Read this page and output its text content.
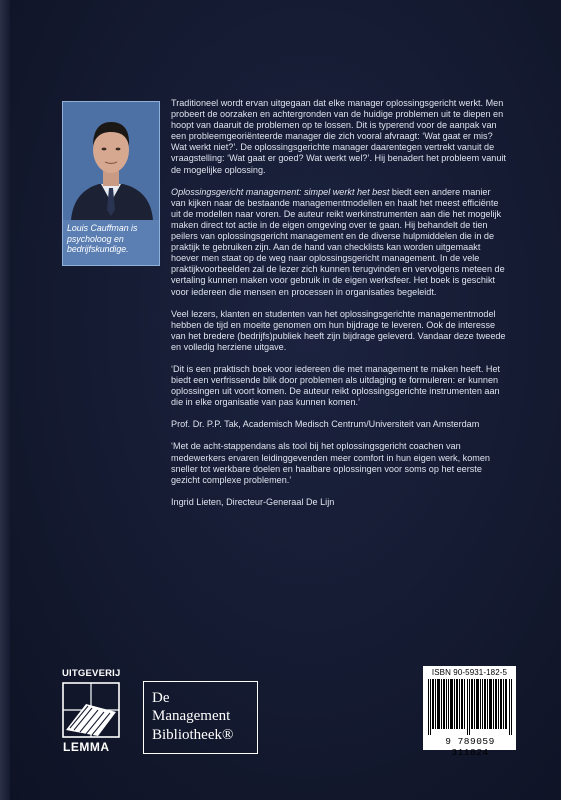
Louis Cauffman is
psycholoog en
bedrijfskundige.

Traditioneel wordt ervan uitgegaan dat elke manager oplossingsgericht werkt. Men probeert de oorzaken en achtergronden van de huidige problemen uit te diepen en hoopt van daaruit de problemen op te lossen. Dit is typerend voor de aanpak van een probleemgeoriënteerde manager die zich vooral afvraagt: ‘Wat gaat er mis? Wat werkt niet?’. De oplossingsgerichte manager daarentegen vertrekt vanuit de vraagstelling: ‘Wat gaat er goed? Wat werkt wel?’. Hij benadert het probleem vanuit de mogelijke oplossing.

Oplossingsgericht management: simpel werkt het best biedt een andere manier van kijken naar de bestaande managementmodellen en haalt het meest efficiënte uit de modellen naar voren. De auteur reikt werkinstrumenten aan die het mogelijk maken direct tot actie in de eigen omgeving over te gaan. Hij behandelt de tien peilers van oplossingsgericht management en de diverse hulpmiddelen die in de praktijk te gebruiken zijn. Aan de hand van checklists kan worden uitgemaakt hoever men staat op de weg naar oplossingsgericht management. In de vele praktijkvoorbeelden zal de lezer zich kunnen terugvinden en vervolgens meteen de vertaling kunnen maken voor gebruik in de eigen werksfeer. Het boek is geschikt voor iedereen die mensen en processen in organisaties begeleidt.

Veel lezers, klanten en studenten van het oplossingsgerichte managementmodel hebben de tijd en moeite genomen om hun bijdrage te leveren. Ook de interesse van het bredere (bedrijfs)publiek heeft zijn bijdrage geleverd. Vandaar deze tweede en volledig herziene uitgave.

‘Dit is een praktisch boek voor iedereen die met management te maken heeft. Het biedt een verfrissende blik door problemen als uitdaging te formuleren: er kunnen oplossingen uit voort komen. De auteur reikt oplossingsgerichte instrumenten aan die in elke organisatie van pas kunnen komen.’

Prof. Dr. P.P. Tak, Academisch Medisch Centrum/Universiteit van Amsterdam

‘Met de acht-stappendans als tool bij het oplossingsgericht coachen van medewerkers ervaren leidinggevenden meer comfort in hun eigen werk, komen sneller tot werkbare doelen en haalbare oplossingen voor soms op het eerste gezicht complexe problemen.’

Ingrid Lieten, Directeur-Generaal De Lijn

UITGEVERIJ
LEMMA
De
Management
Bibliotheek®
ISBN 90-5931-182-5
9 789059 311824
